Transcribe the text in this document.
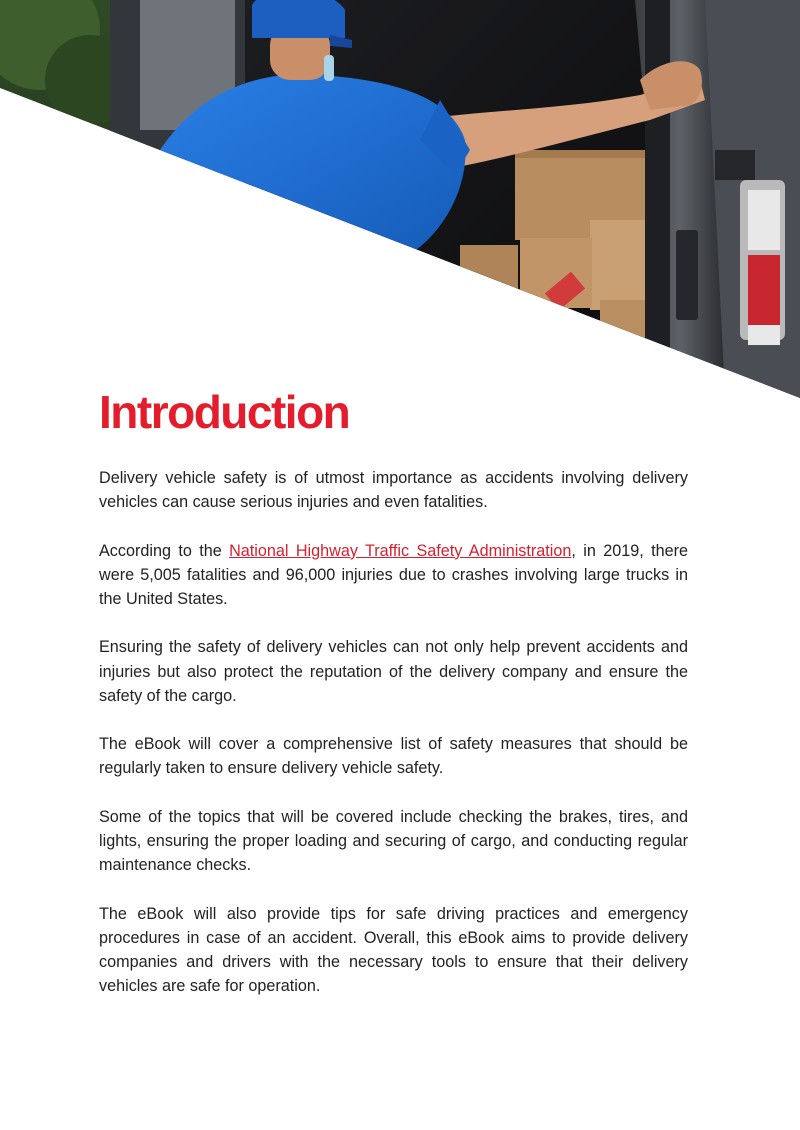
Introduction

Delivery vehicle safety is of utmost importance as accidents involving delivery vehicles can cause serious injuries and even fatalities.

According to the National Highway Traffic Safety Administration, in 2019, there were 5,005 fatalities and 96,000 injuries due to crashes involving large trucks in the United States.

Ensuring the safety of delivery vehicles can not only help prevent accidents and injuries but also protect the reputation of the delivery company and ensure the safety of the cargo.

The eBook will cover a comprehensive list of safety measures that should be regularly taken to ensure delivery vehicle safety.

Some of the topics that will be covered include checking the brakes, tires, and lights, ensuring the proper loading and securing of cargo, and conducting regular maintenance checks.

The eBook will also provide tips for safe driving practices and emergency procedures in case of an accident. Overall, this eBook aims to provide delivery companies and drivers with the necessary tools to ensure that their delivery vehicles are safe for operation.
